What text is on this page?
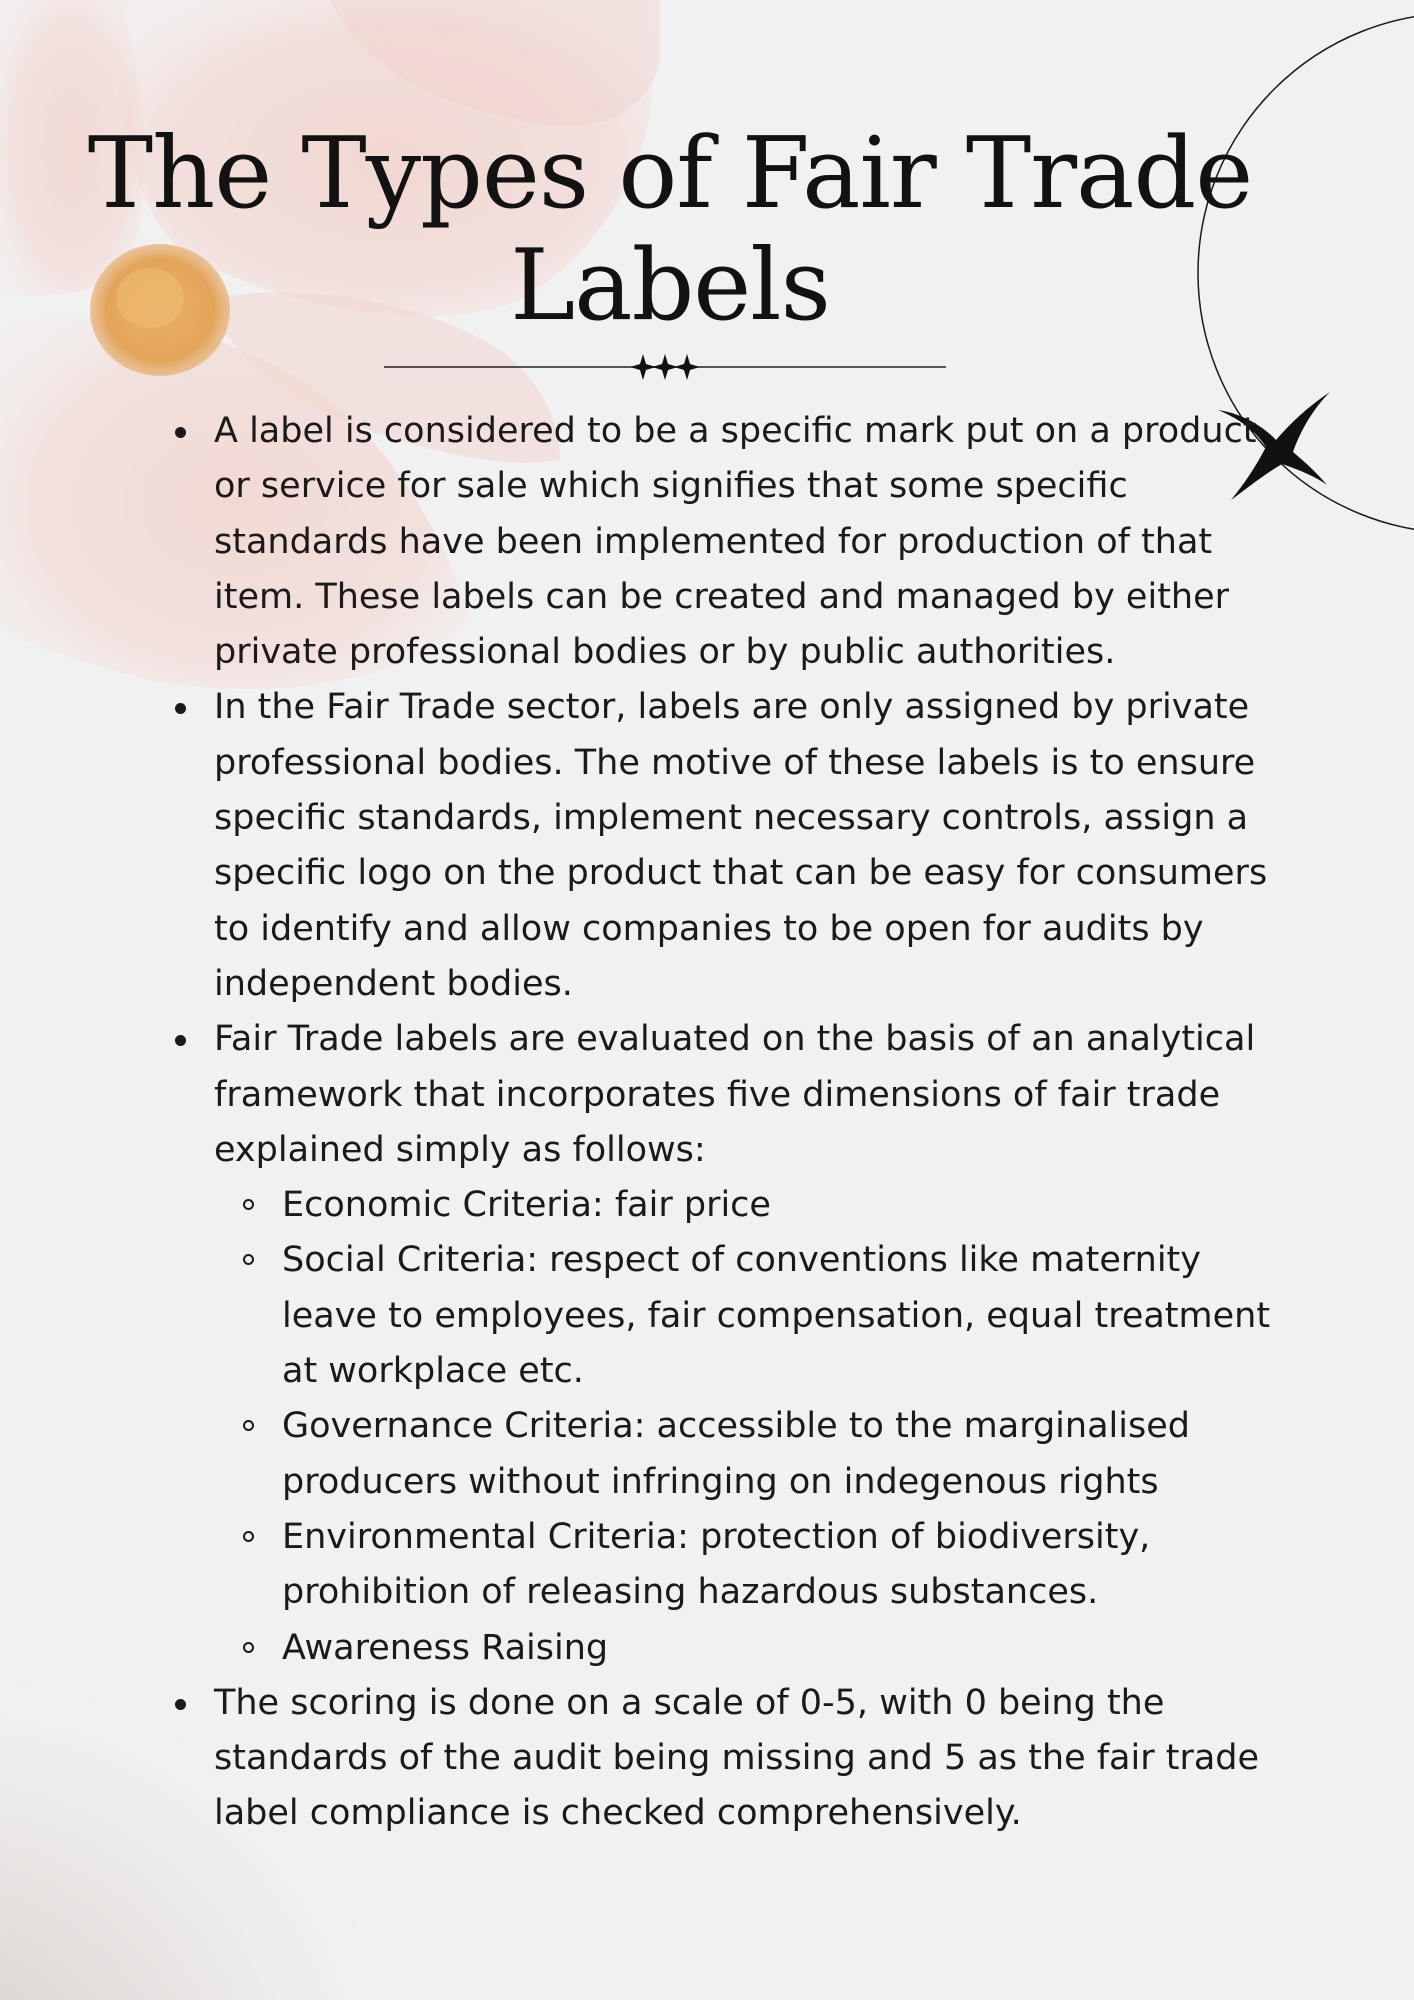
The Types of Fair Trade Labels
A label is considered to be a specific mark put on a product or service for sale which signifies that some specific standards have been implemented for production of that item. These labels can be created and managed by either private professional bodies or by public authorities.
In the Fair Trade sector, labels are only assigned by private professional bodies. The motive of these labels is to ensure specific standards, implement necessary controls, assign a specific logo on the product that can be easy for consumers to identify and allow companies to be open for audits by independent bodies.
Fair Trade labels are evaluated on the basis of an analytical framework that incorporates five dimensions of fair trade explained simply as follows:
Economic Criteria: fair price
Social Criteria: respect of conventions like maternity leave to employees, fair compensation, equal treatment at workplace etc.
Governance Criteria: accessible to the marginalised producers without infringing on indegenous rights
Environmental Criteria: protection of biodiversity, prohibition of releasing hazardous substances.
Awareness Raising
The scoring is done on a scale of 0-5, with 0 being the standards of the audit being missing and 5 as the fair trade label compliance is checked comprehensively.
